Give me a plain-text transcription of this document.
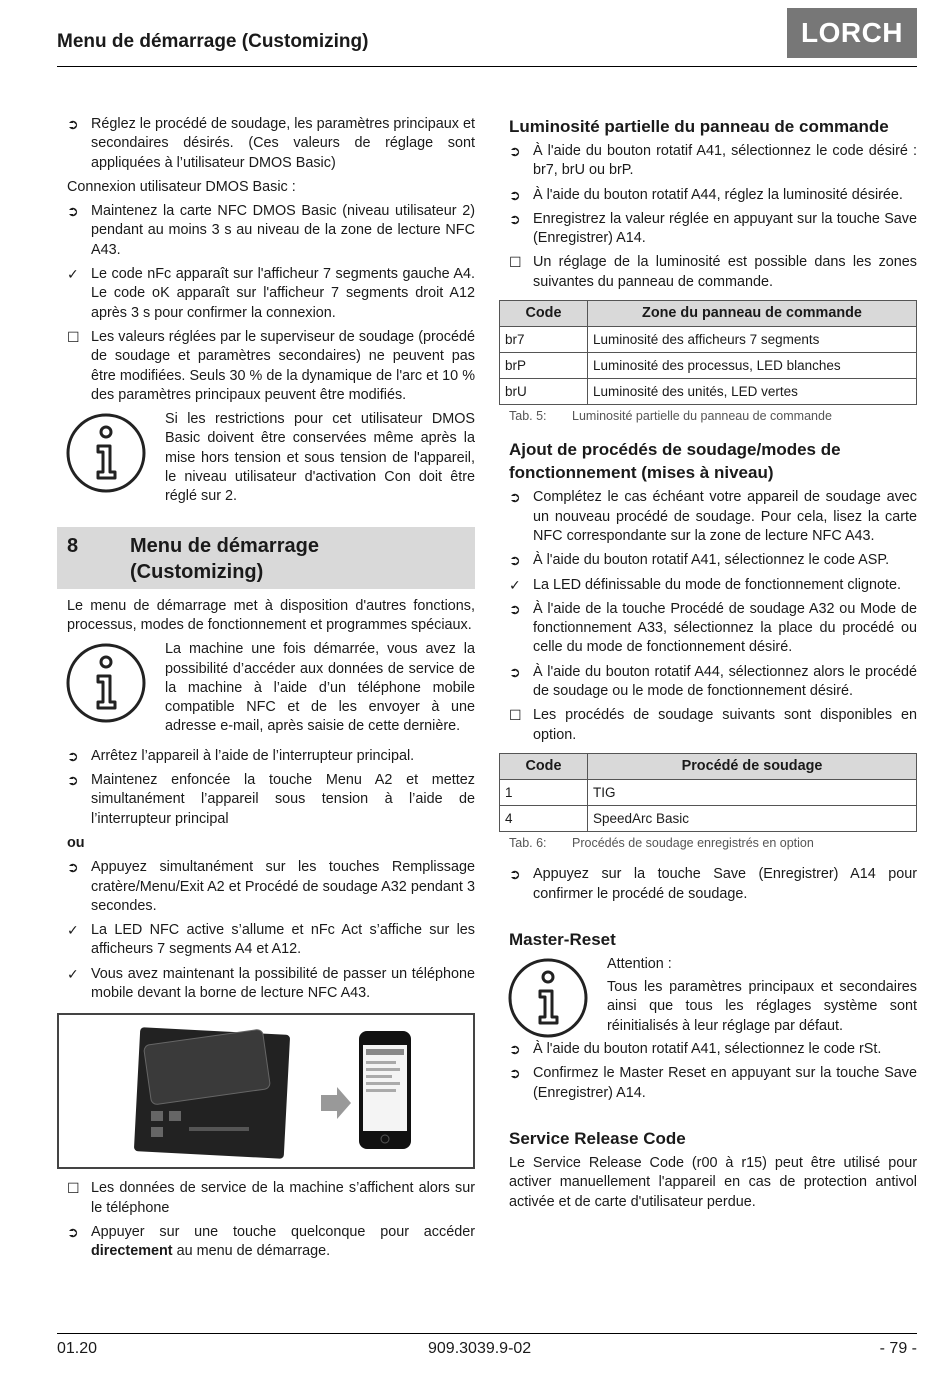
Menu de démarrage (Customizing)	LORCH
➲ Réglez le procédé de soudage, les paramètres principaux et secondaires désirés. (Ces valeurs de réglage sont appliquées à l’utilisateur DMOS Basic)
Connexion utilisateur DMOS Basic :
➲ Maintenez la carte NFC DMOS Basic (niveau utilisateur 2) pendant au moins 3 s au niveau de la zone de lecture NFC A43.
✓ Le code nFc apparaît sur l'afficheur 7 segments gauche A4. Le code oK apparaît sur l'afficheur 7 segments droit A12 après 3 s pour confirmer la connexion.
☐ Les valeurs réglées par le superviseur de soudage (procédé de soudage et paramètres secondaires) ne peuvent pas être modifiées. Seuls 30 % de la dynamique de l'arc et 10 % des paramètres principaux peuvent être modifiés.
Si les restrictions pour cet utilisateur DMOS Basic doivent être conservées même après la mise hors tension et sous tension de l'appareil, le niveau utilisateur d'activation Con doit être réglé sur 2.
8	Menu de démarrage
(Customizing)
Le menu de démarrage met à disposition d'autres fonctions, processus, modes de fonctionnement et programmes spéciaux.
La machine une fois démarrée, vous avez la possibilité d’accéder aux données de service de la machine à l’aide d’un téléphone mobile compatible NFC et de les envoyer à une adresse e-mail, après saisie de cette dernière.
➲ Arrêtez l’appareil à l’aide de l’interrupteur principal.
➲ Maintenez enfoncée la touche Menu A2 et mettez simultanément l’appareil sous tension à l’aide de l’interrupteur principal
ou
➲ Appuyez simultanément sur les touches Remplissage cratère/Menu/Exit A2 et Procédé de soudage A32 pendant 3 secondes.
✓ La LED NFC active s’allume et nFc Act s’affiche sur les afficheurs 7 segments A4 et A12.
✓ Vous avez maintenant la possibilité de passer un téléphone mobile devant la borne de lecture NFC A43.
☐ Les données de service de la machine s’affichent alors sur le téléphone
➲ Appuyer sur une touche quelconque pour accéder directement au menu de démarrage.
Luminosité partielle du panneau de commande
➲ À l'aide du bouton rotatif A41, sélectionnez le code désiré : br7, brU ou brP.
➲ À l'aide du bouton rotatif A44, réglez la luminosité désirée.
➲ Enregistrez la valeur réglée en appuyant sur la touche Save (Enregistrer) A14.
☐ Un réglage de la luminosité est possible dans les zones suivantes du panneau de commande.
Code	Zone du panneau de commande
br7	Luminosité des afficheurs 7 segments
brP	Luminosité des processus, LED blanches
brU	Luminosité des unités, LED vertes
Tab. 5: Luminosité partielle du panneau de commande
Ajout de procédés de soudage/modes de fonctionnement (mises à niveau)
➲ Complétez le cas échéant votre appareil de soudage avec un nouveau procédé de soudage. Pour cela, lisez la carte NFC correspondante sur la zone de lecture NFC A43.
➲ À l'aide du bouton rotatif A41, sélectionnez le code ASP.
✓ La LED définissable du mode de fonctionnement clignote.
➲ À l'aide de la touche Procédé de soudage A32 ou Mode de fonctionnement A33, sélectionnez la place du procédé ou celle du mode de fonctionnement désiré.
➲ À l'aide du bouton rotatif A44, sélectionnez alors le procédé de soudage ou le mode de fonctionnement désiré.
☐ Les procédés de soudage suivants sont disponibles en option.
Code	Procédé de soudage
1	TIG
4	SpeedArc Basic
Tab. 6: Procédés de soudage enregistrés en option
➲ Appuyez sur la touche Save (Enregistrer) A14 pour confirmer le procédé de soudage.
Master-Reset
Attention :
Tous les paramètres principaux et secondaires ainsi que tous les réglages système sont réinitialisés à leur réglage par défaut.
➲ À l'aide du bouton rotatif A41, sélectionnez le code rSt.
➲ Confirmez le Master Reset en appuyant sur la touche Save (Enregistrer) A14.
Service Release Code
Le Service Release Code (r00 à r15) peut être utilisé pour activer manuellement l'appareil en cas de protection antivol activée et de carte d'utilisateur perdue.
01.20	909.3039.9-02	- 79 -
